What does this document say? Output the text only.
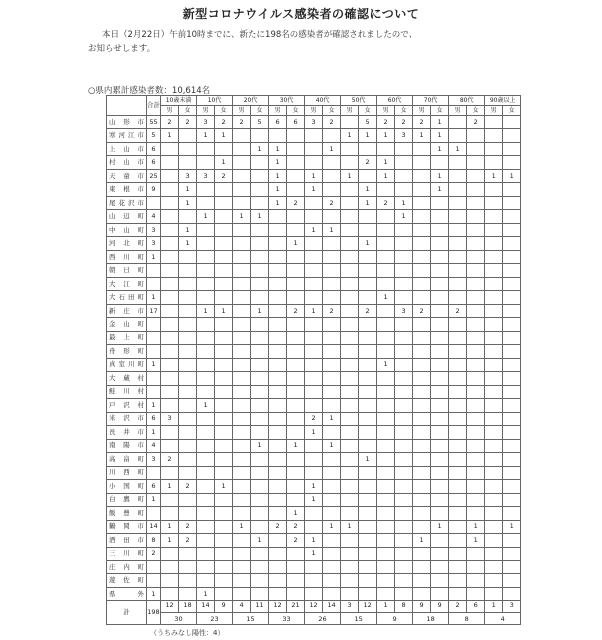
新型コロナウイルス感染者の確認について
本日（2月22日）午前10時までに、新たに198名の感染者が確認されましたので、
お知らせします。
○県内累計感染者数：10,614名
	合計	10歳未満		10代		20代		30代		40代		50代		60代		70代		80代		90歳以上	
		男	女	男	女	男	女	男	女	男	女	男	女	男	女	男	女	男	女	男	女
山形市	55	2	2	3	2	2	5	6	6	3	2		5	2	2	2	1		2		
寒河江市	5	1		1	1							1	1	1	3	1	1				
上山市	6						1	1			1						1	1			
村山市	6				1			1					2	1							
天童市	25		3	3	2			1		1		1		1			1			1	1
東根市	9		1					1		1			1				1				
尾花沢市			1					1	2		2		1	2	1						
山辺町	4			1		1	1								1						
中山町	3		1							1	1										
河北町	3		1						1				1								
西川町	1																				
朝日町																					
大江町																					
大石田町	1													1							
新庄市	17			1	1		1		2	1	2		2		3	2		2			
金山町																					
最上町																					
舟形町																					
真室川町	1													1							
大蔵村																					
鮭川村																					
戸沢村	1			1																	
米沢市	6	3								2	1										
長井市	1									1											
南陽市	4						1		1		1										
高畠町	3	2											1								
川西町																					
小国町	6	1	2		1					1											
白鷹町	1									1											
飯豊町									1												
鶴岡市	14	1	2			1		2	2		1	1					1		1		1
酒田市	8	1	2				1		2	1						1			1		
三川町	2									1											
庄内町																					
遊佐町																					
県外	1			1																	
計	198	12	18	14	9	4	11	12	21	12	14	3	12	1	8	9	9	2	6	1	3
		30		23		15		33		26		15		9		18		8		4	
（うちみなし陽性：4）
